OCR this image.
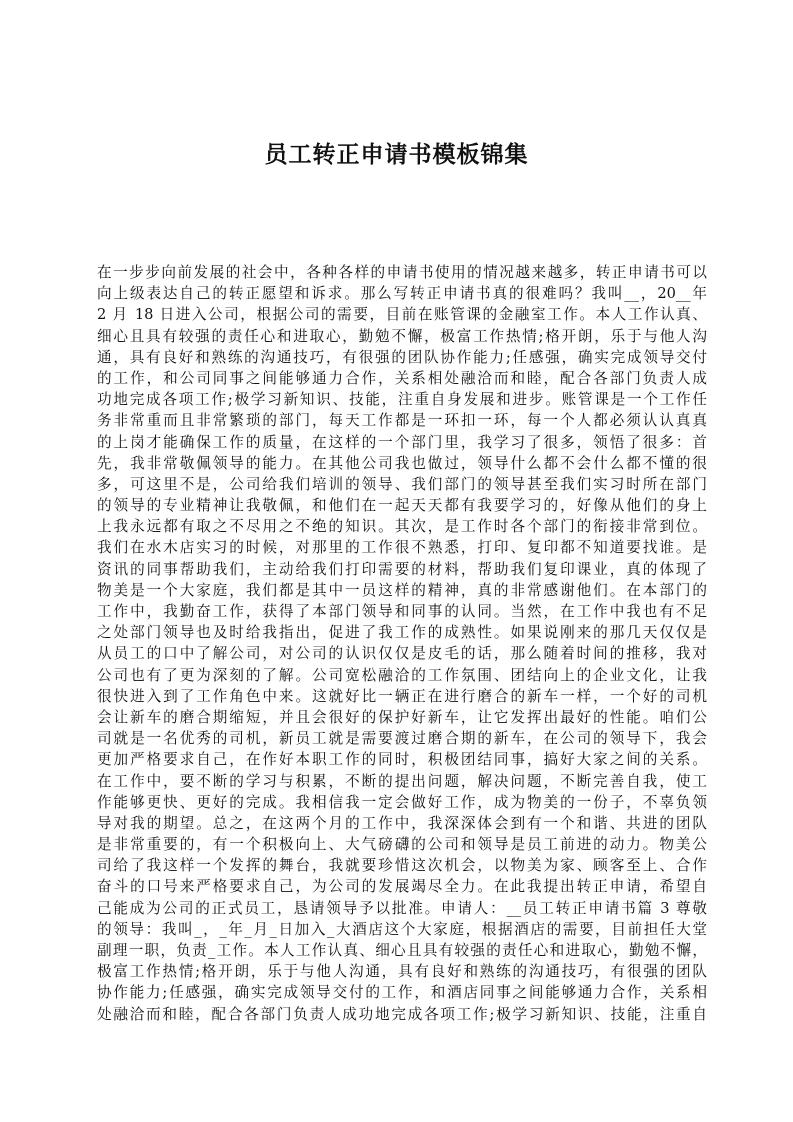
员工转正申请书模板锦集
在一步步向前发展的社会中，各种各样的申请书使用的情况越来越多，转正申请书可以
向上级表达自己的转正愿望和诉求。那么写转正申请书真的很难吗？我叫__，20__年
2 月 18 日进入公司，根据公司的需要，目前在账管课的金融室工作。本人工作认真、
细心且具有较强的责任心和进取心，勤勉不懈，极富工作热情;格开朗，乐于与他人沟
通，具有良好和熟练的沟通技巧，有很强的团队协作能力;任感强，确实完成领导交付
的工作，和公司同事之间能够通力合作，关系相处融洽而和睦，配合各部门负责人成
功地完成各项工作;极学习新知识、技能，注重自身发展和进步。账管课是一个工作任
务非常重而且非常繁琐的部门，每天工作都是一环扣一环，每一个人都必须认认真真
的上岗才能确保工作的质量，在这样的一个部门里，我学习了很多，领悟了很多：首
先，我非常敬佩领导的能力。在其他公司我也做过，领导什么都不会什么都不懂的很
多，可这里不是，公司给我们培训的领导、我们部门的领导甚至我们实习时所在部门
的领导的专业精神让我敬佩，和他们在一起天天都有我要学习的，好像从他们的身上
上我永远都有取之不尽用之不绝的知识。其次，是工作时各个部门的衔接非常到位。
我们在水木店实习的时候，对那里的工作很不熟悉，打印、复印都不知道要找谁。是
资讯的同事帮助我们，主动给我们打印需要的材料，帮助我们复印课业，真的体现了
物美是一个大家庭，我们都是其中一员这样的精神，真的非常感谢他们。在本部门的
工作中，我勤奋工作，获得了本部门领导和同事的认同。当然，在工作中我也有不足
之处部门领导也及时给我指出，促进了我工作的成熟性。如果说刚来的那几天仅仅是
从员工的口中了解公司，对公司的认识仅仅是皮毛的话，那么随着时间的推移，我对
公司也有了更为深刻的了解。公司宽松融洽的工作氛围、团结向上的企业文化，让我
很快进入到了工作角色中来。这就好比一辆正在进行磨合的新车一样，一个好的司机
会让新车的磨合期缩短，并且会很好的保护好新车，让它发挥出最好的性能。咱们公
司就是一名优秀的司机，新员工就是需要渡过磨合期的新车，在公司的领导下，我会
更加严格要求自己，在作好本职工作的同时，积极团结同事，搞好大家之间的关系。
在工作中，要不断的学习与积累，不断的提出问题，解决问题，不断完善自我，使工
作能够更快、更好的完成。我相信我一定会做好工作，成为物美的一份子，不辜负领
导对我的期望。总之，在这两个月的工作中，我深深体会到有一个和谐、共进的团队
是非常重要的，有一个积极向上、大气磅礴的公司和领导是员工前进的动力。物美公
司给了我这样一个发挥的舞台，我就要珍惜这次机会，以物美为家、顾客至上、合作
奋斗的口号来严格要求自己，为公司的发展竭尽全力。在此我提出转正申请，希望自
己能成为公司的正式员工，恳请领导予以批准。申请人：__员工转正申请书篇 3 尊敬
的领导：我叫_，_年_月_日加入_大酒店这个大家庭，根据酒店的需要，目前担任大堂
副理一职，负责_工作。本人工作认真、细心且具有较强的责任心和进取心，勤勉不懈，
极富工作热情;格开朗，乐于与他人沟通，具有良好和熟练的沟通技巧，有很强的团队
协作能力;任感强，确实完成领导交付的工作，和酒店同事之间能够通力合作，关系相
处融洽而和睦，配合各部门负责人成功地完成各项工作;极学习新知识、技能，注重自
